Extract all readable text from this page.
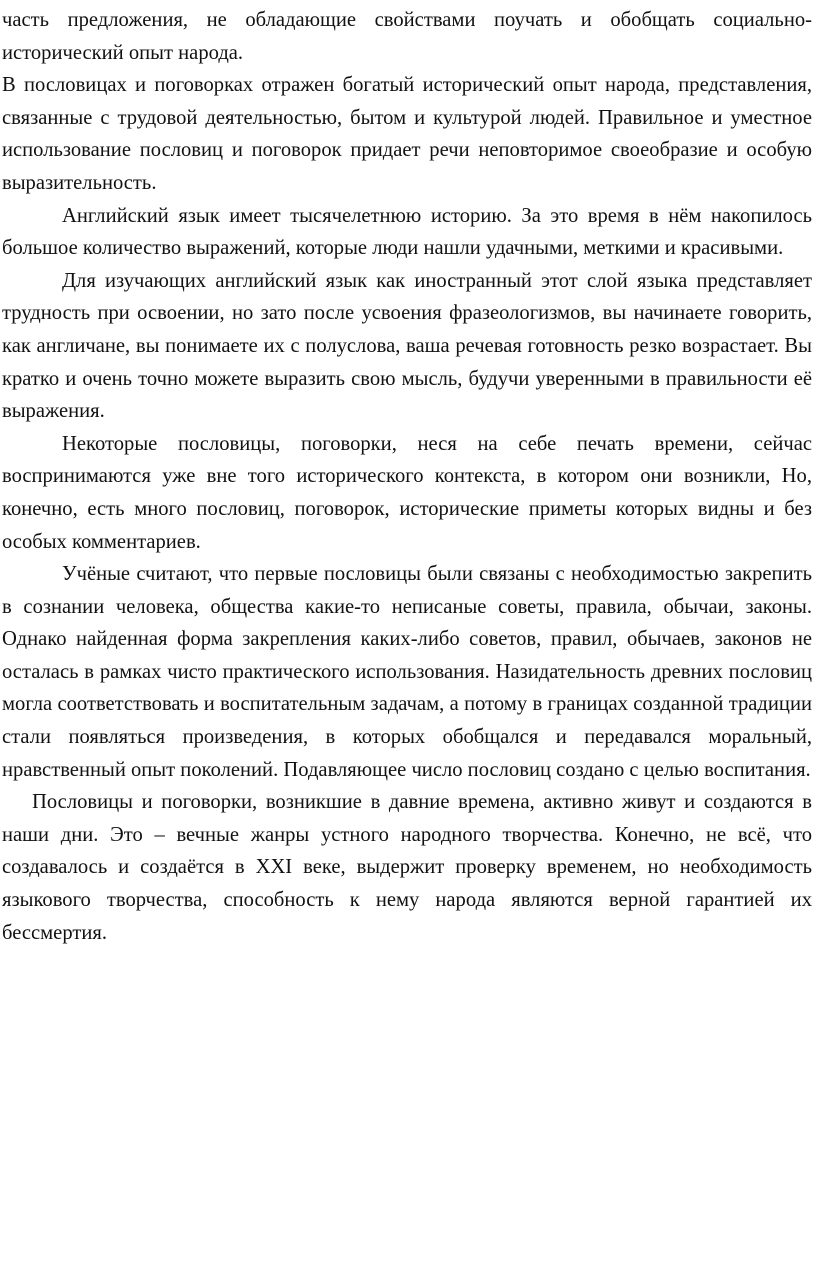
часть предложения, не обладающие свойствами поучать и обобщать социально-исторический опыт народа.

В пословицах и поговорках отражен богатый исторический опыт народа, представления, связанные с трудовой деятельностью, бытом и культурой людей. Правильное и уместное использование пословиц и поговорок придает речи неповторимое своеобразие и особую выразительность.

Английский язык имеет тысячелетнюю историю. За это время в нём накопилось большое количество выражений, которые люди нашли удачными, меткими и красивыми.

Для изучающих английский язык как иностранный этот слой языка представляет трудность при освоении, но зато после усвоения фразеологизмов, вы начинаете говорить, как англичане, вы понимаете их с полуслова, ваша речевая готовность резко возрастает. Вы кратко и очень точно можете выразить свою мысль, будучи уверенными в правильности её выражения.

Некоторые пословицы, поговорки, неся на себе печать времени, сейчас воспринимаются уже вне того исторического контекста, в котором они возникли, Но, конечно, есть много пословиц, поговорок, исторические приметы которых видны и без особых комментариев.

Учёные считают, что первые пословицы были связаны с необходимостью закрепить в сознании человека, общества какие-то неписаные советы, правила, обычаи, законы. Однако найденная форма закрепления каких-либо советов, правил, обычаев, законов не осталась в рамках чисто практического использования. Назидательность древних пословиц могла соответствовать и воспитательным задачам, а потому в границах созданной традиции стали появляться произведения, в которых обобщался и передавался моральный, нравственный опыт поколений. Подавляющее число пословиц создано с целью воспитания.

Пословицы и поговорки, возникшие в давние времена, активно живут и создаются в наши дни. Это – вечные жанры устного народного творчества. Конечно, не всё, что создавалось и создаётся в XXI веке, выдержит проверку временем, но необходимость языкового творчества, способность к нему народа являются верной гарантией их бессмертия.
